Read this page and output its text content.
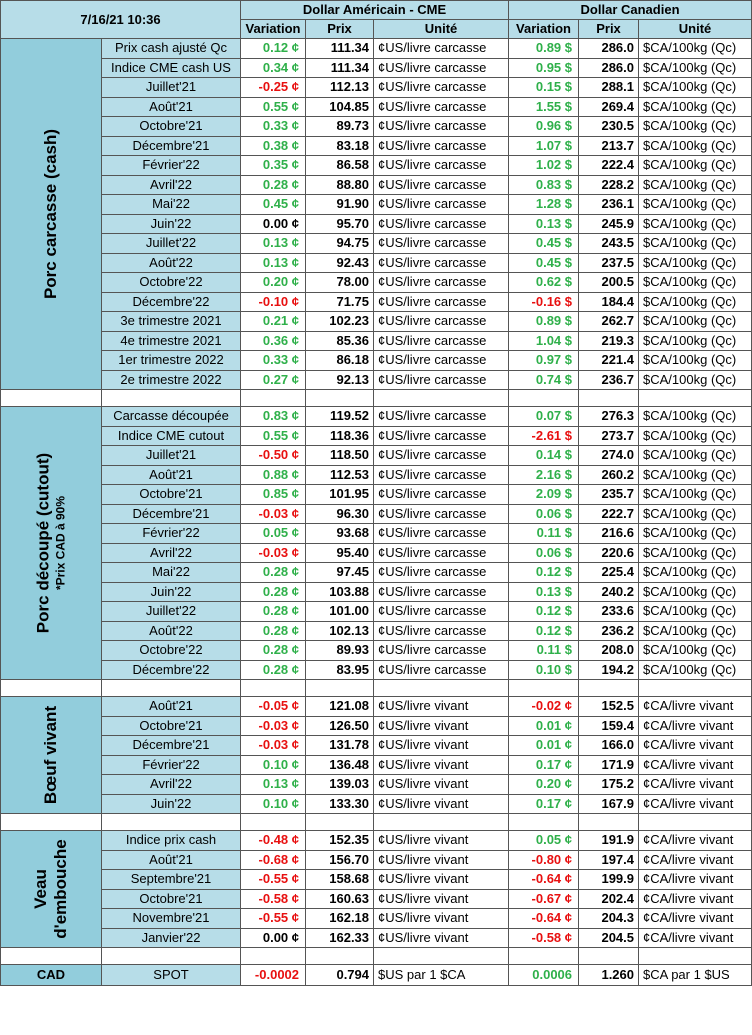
7/16/21 10:36		Dollar Américain - CME			Dollar Canadien		
		Variation	Prix	Unité	Variation	Prix	Unité

Porc carcasse (cash)	Prix cash ajusté Qc	0.12 ¢	111.34	¢US/livre carcasse	0.89 $	286.0	$CA/100kg (Qc)
	Indice CME cash US	0.34 ¢	111.34	¢US/livre carcasse	0.95 $	286.0	$CA/100kg (Qc)
	Juillet'21	-0.25 ¢	112.13	¢US/livre carcasse	0.15 $	288.1	$CA/100kg (Qc)
	Août'21	0.55 ¢	104.85	¢US/livre carcasse	1.55 $	269.4	$CA/100kg (Qc)
	Octobre'21	0.33 ¢	89.73	¢US/livre carcasse	0.96 $	230.5	$CA/100kg (Qc)
	Décembre'21	0.38 ¢	83.18	¢US/livre carcasse	1.07 $	213.7	$CA/100kg (Qc)
	Février'22	0.35 ¢	86.58	¢US/livre carcasse	1.02 $	222.4	$CA/100kg (Qc)
	Avril'22	0.28 ¢	88.80	¢US/livre carcasse	0.83 $	228.2	$CA/100kg (Qc)
	Mai'22	0.45 ¢	91.90	¢US/livre carcasse	1.28 $	236.1	$CA/100kg (Qc)
	Juin'22	0.00 ¢	95.70	¢US/livre carcasse	0.13 $	245.9	$CA/100kg (Qc)
	Juillet'22	0.13 ¢	94.75	¢US/livre carcasse	0.45 $	243.5	$CA/100kg (Qc)
	Août'22	0.13 ¢	92.43	¢US/livre carcasse	0.45 $	237.5	$CA/100kg (Qc)
	Octobre'22	0.20 ¢	78.00	¢US/livre carcasse	0.62 $	200.5	$CA/100kg (Qc)
	Décembre'22	-0.10 ¢	71.75	¢US/livre carcasse	-0.16 $	184.4	$CA/100kg (Qc)
	3e trimestre 2021	0.21 ¢	102.23	¢US/livre carcasse	0.89 $	262.7	$CA/100kg (Qc)
	4e trimestre 2021	0.36 ¢	85.36	¢US/livre carcasse	1.04 $	219.3	$CA/100kg (Qc)
	1er trimestre 2022	0.33 ¢	86.18	¢US/livre carcasse	0.97 $	221.4	$CA/100kg (Qc)
	2e trimestre 2022	0.27 ¢	92.13	¢US/livre carcasse	0.74 $	236.7	$CA/100kg (Qc)

Porc découpé (cutout) *Prix CAD à 90%	Carcasse découpée	0.83 ¢	119.52	¢US/livre carcasse	0.07 $	276.3	$CA/100kg (Qc)
	Indice CME cutout	0.55 ¢	118.36	¢US/livre carcasse	-2.61 $	273.7	$CA/100kg (Qc)
	Juillet'21	-0.50 ¢	118.50	¢US/livre carcasse	0.14 $	274.0	$CA/100kg (Qc)
	Août'21	0.88 ¢	112.53	¢US/livre carcasse	2.16 $	260.2	$CA/100kg (Qc)
	Octobre'21	0.85 ¢	101.95	¢US/livre carcasse	2.09 $	235.7	$CA/100kg (Qc)
	Décembre'21	-0.03 ¢	96.30	¢US/livre carcasse	0.06 $	222.7	$CA/100kg (Qc)
	Février'22	0.05 ¢	93.68	¢US/livre carcasse	0.11 $	216.6	$CA/100kg (Qc)
	Avril'22	-0.03 ¢	95.40	¢US/livre carcasse	0.06 $	220.6	$CA/100kg (Qc)
	Mai'22	0.28 ¢	97.45	¢US/livre carcasse	0.12 $	225.4	$CA/100kg (Qc)
	Juin'22	0.28 ¢	103.88	¢US/livre carcasse	0.13 $	240.2	$CA/100kg (Qc)
	Juillet'22	0.28 ¢	101.00	¢US/livre carcasse	0.12 $	233.6	$CA/100kg (Qc)
	Août'22	0.28 ¢	102.13	¢US/livre carcasse	0.12 $	236.2	$CA/100kg (Qc)
	Octobre'22	0.28 ¢	89.93	¢US/livre carcasse	0.11 $	208.0	$CA/100kg (Qc)
	Décembre'22	0.28 ¢	83.95	¢US/livre carcasse	0.10 $	194.2	$CA/100kg (Qc)

Bœuf vivant	Août'21	-0.05 ¢	121.08	¢US/livre vivant	-0.02 ¢	152.5	¢CA/livre vivant
	Octobre'21	-0.03 ¢	126.50	¢US/livre vivant	0.01 ¢	159.4	¢CA/livre vivant
	Décembre'21	-0.03 ¢	131.78	¢US/livre vivant	0.01 ¢	166.0	¢CA/livre vivant
	Février'22	0.10 ¢	136.48	¢US/livre vivant	0.17 ¢	171.9	¢CA/livre vivant
	Avril'22	0.13 ¢	139.03	¢US/livre vivant	0.20 ¢	175.2	¢CA/livre vivant
	Juin'22	0.10 ¢	133.30	¢US/livre vivant	0.17 ¢	167.9	¢CA/livre vivant

Veau
d'embouche	Indice prix cash	-0.48 ¢	152.35	¢US/livre vivant	0.05 ¢	191.9	¢CA/livre vivant
	Août'21	-0.68 ¢	156.70	¢US/livre vivant	-0.80 ¢	197.4	¢CA/livre vivant
	Septembre'21	-0.55 ¢	158.68	¢US/livre vivant	-0.64 ¢	199.9	¢CA/livre vivant
	Octobre'21	-0.58 ¢	160.63	¢US/livre vivant	-0.67 ¢	202.4	¢CA/livre vivant
	Novembre'21	-0.55 ¢	162.18	¢US/livre vivant	-0.64 ¢	204.3	¢CA/livre vivant
	Janvier'22	0.00 ¢	162.33	¢US/livre vivant	-0.58 ¢	204.5	¢CA/livre vivant

CAD	SPOT	-0.0002	0.794	$US par 1 $CA	0.0006	1.260	$CA par 1 $US
